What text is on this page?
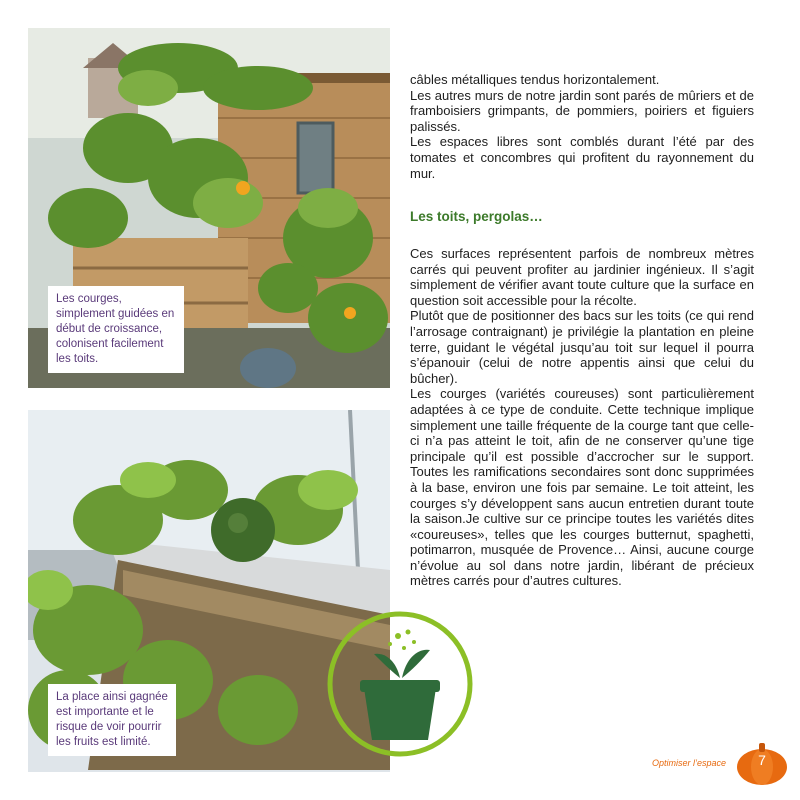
Les courges, simplement guidées en début de croissance, colonisent facilement les toits.
La place ainsi gagnée est importante et le risque de voir pourrir les fruits est limité.

câbles métalliques tendus horizontalement.

Les autres murs de notre jardin sont parés de mûriers et de framboisiers grimpants, de pommiers, poiriers et figuiers palissés.

Les espaces libres sont comblés durant l’été par des tomates et concombres qui profitent du rayonnement du mur.

Les toits, pergolas…

Ces surfaces représentent parfois de nombreux mètres carrés qui peuvent profiter au jardinier ingénieux. Il s’agit simplement de vérifier avant toute culture que la surface en question soit accessible pour la récolte.

Plutôt que de positionner des bacs sur les toits (ce qui rend l’arrosage contraignant) je privilégie la plantation en pleine terre, guidant le végétal jusqu’au toit sur lequel il pourra s’épanouir (celui de notre appentis ainsi que celui du bûcher).

Les courges (variétés coureuses) sont particulièrement adaptées à ce type de conduite. Cette technique implique simplement une taille fréquente de la courge tant que celle-ci n’a pas atteint le toit, afin de ne conserver qu’une tige principale qu’il est possible d’accrocher sur le support. Toutes les ramifications secondaires sont donc supprimées à la base, environ une fois par semaine. Le toit atteint, les courges s’y développent sans aucun entretien durant toute la saison.Je cultive sur ce principe toutes les variétés dites «coureuses», telles que les courges butternut, spaghetti, potimarron, musquée de Provence… Ainsi, aucune courge n’évolue au sol dans notre jardin, libérant de précieux mètres carrés pour d’autres cultures.

Optimiser l’espace	7
